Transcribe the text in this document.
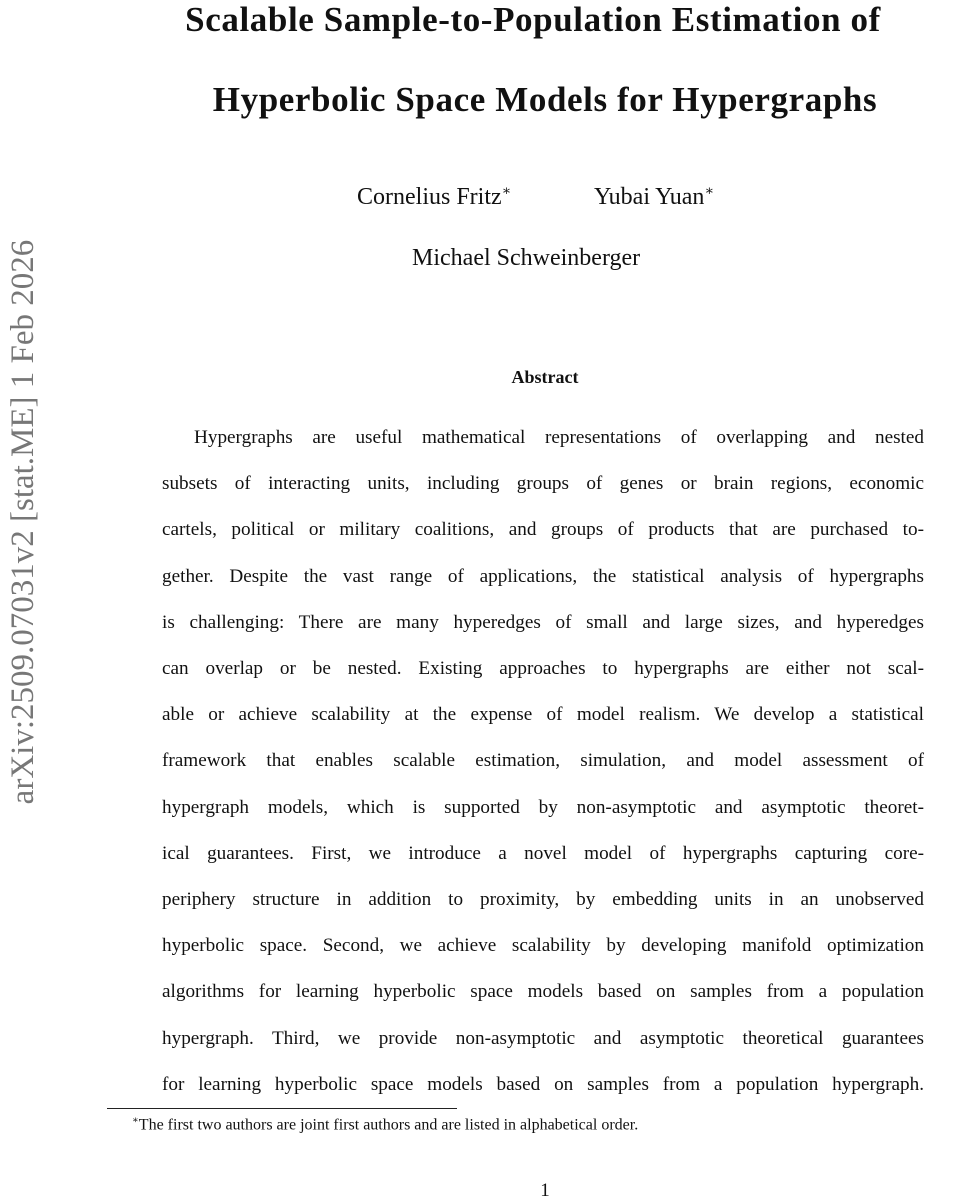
arXiv:2509.07031v2 [stat.ME] 1 Feb 2026
Scalable Sample-to-Population Estimation of
Hyperbolic Space Models for Hypergraphs
Cornelius Fritz∗	Yubai Yuan∗
Michael Schweinberger
Abstract
Hypergraphs are useful mathematical representations of overlapping and nested
subsets of interacting units, including groups of genes or brain regions, economic
cartels, political or military coalitions, and groups of products that are purchased to-
gether. Despite the vast range of applications, the statistical analysis of hypergraphs
is challenging: There are many hyperedges of small and large sizes, and hyperedges
can overlap or be nested. Existing approaches to hypergraphs are either not scal-
able or achieve scalability at the expense of model realism. We develop a statistical
framework that enables scalable estimation, simulation, and model assessment of
hypergraph models, which is supported by non-asymptotic and asymptotic theoret-
ical guarantees. First, we introduce a novel model of hypergraphs capturing core-
periphery structure in addition to proximity, by embedding units in an unobserved
hyperbolic space. Second, we achieve scalability by developing manifold optimization
algorithms for learning hyperbolic space models based on samples from a population
hypergraph. Third, we provide non-asymptotic and asymptotic theoretical guarantees
for learning hyperbolic space models based on samples from a population hypergraph.
∗The first two authors are joint first authors and are listed in alphabetical order.
1
